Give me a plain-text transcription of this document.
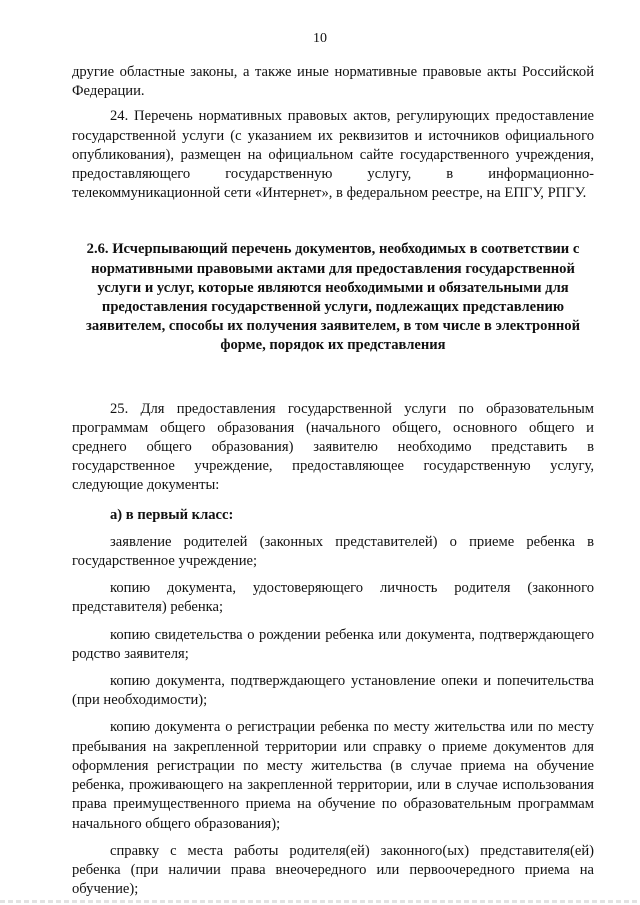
10

другие областные законы, а также иные нормативные правовые акты Российской Федерации.

24. Перечень нормативных правовых актов, регулирующих предоставление государственной услуги (с указанием их реквизитов и источников официального опубликования), размещен на официальном сайте государственного учреждения, предоставляющего государственную услугу, в информационно-телекоммуникационной сети «Интернет», в федеральном реестре, на ЕПГУ, РПГУ.

2.6. Исчерпывающий перечень документов, необходимых в соответствии с нормативными правовыми актами для предоставления государственной услуги и услуг, которые являются необходимыми и обязательными для предоставления государственной услуги, подлежащих представлению заявителем, способы их получения заявителем, в том числе в электронной форме, порядок их представления

25. Для предоставления государственной услуги по образовательным программам общего образования (начального общего, основного общего и среднего общего образования) заявителю необходимо представить в государственное учреждение, предоставляющее государственную услугу, следующие документы:

а) в первый класс:

заявление родителей (законных представителей) о приеме ребенка в государственное учреждение;

копию документа, удостоверяющего личность родителя (законного представителя) ребенка;

копию свидетельства о рождении ребенка или документа, подтверждающего родство заявителя;

копию документа, подтверждающего установление опеки и попечительства (при необходимости);

копию документа о регистрации ребенка по месту жительства или по месту пребывания на закрепленной территории или справку о приеме документов для оформления регистрации по месту жительства (в случае приема на обучение ребенка, проживающего на закрепленной территории, или в случае использования права преимущественного приема на обучение по образовательным программам начального общего образования);

справку с места работы родителя(ей) законного(ых) представителя(ей) ребенка (при наличии права внеочередного или первоочередного приема на обучение);
